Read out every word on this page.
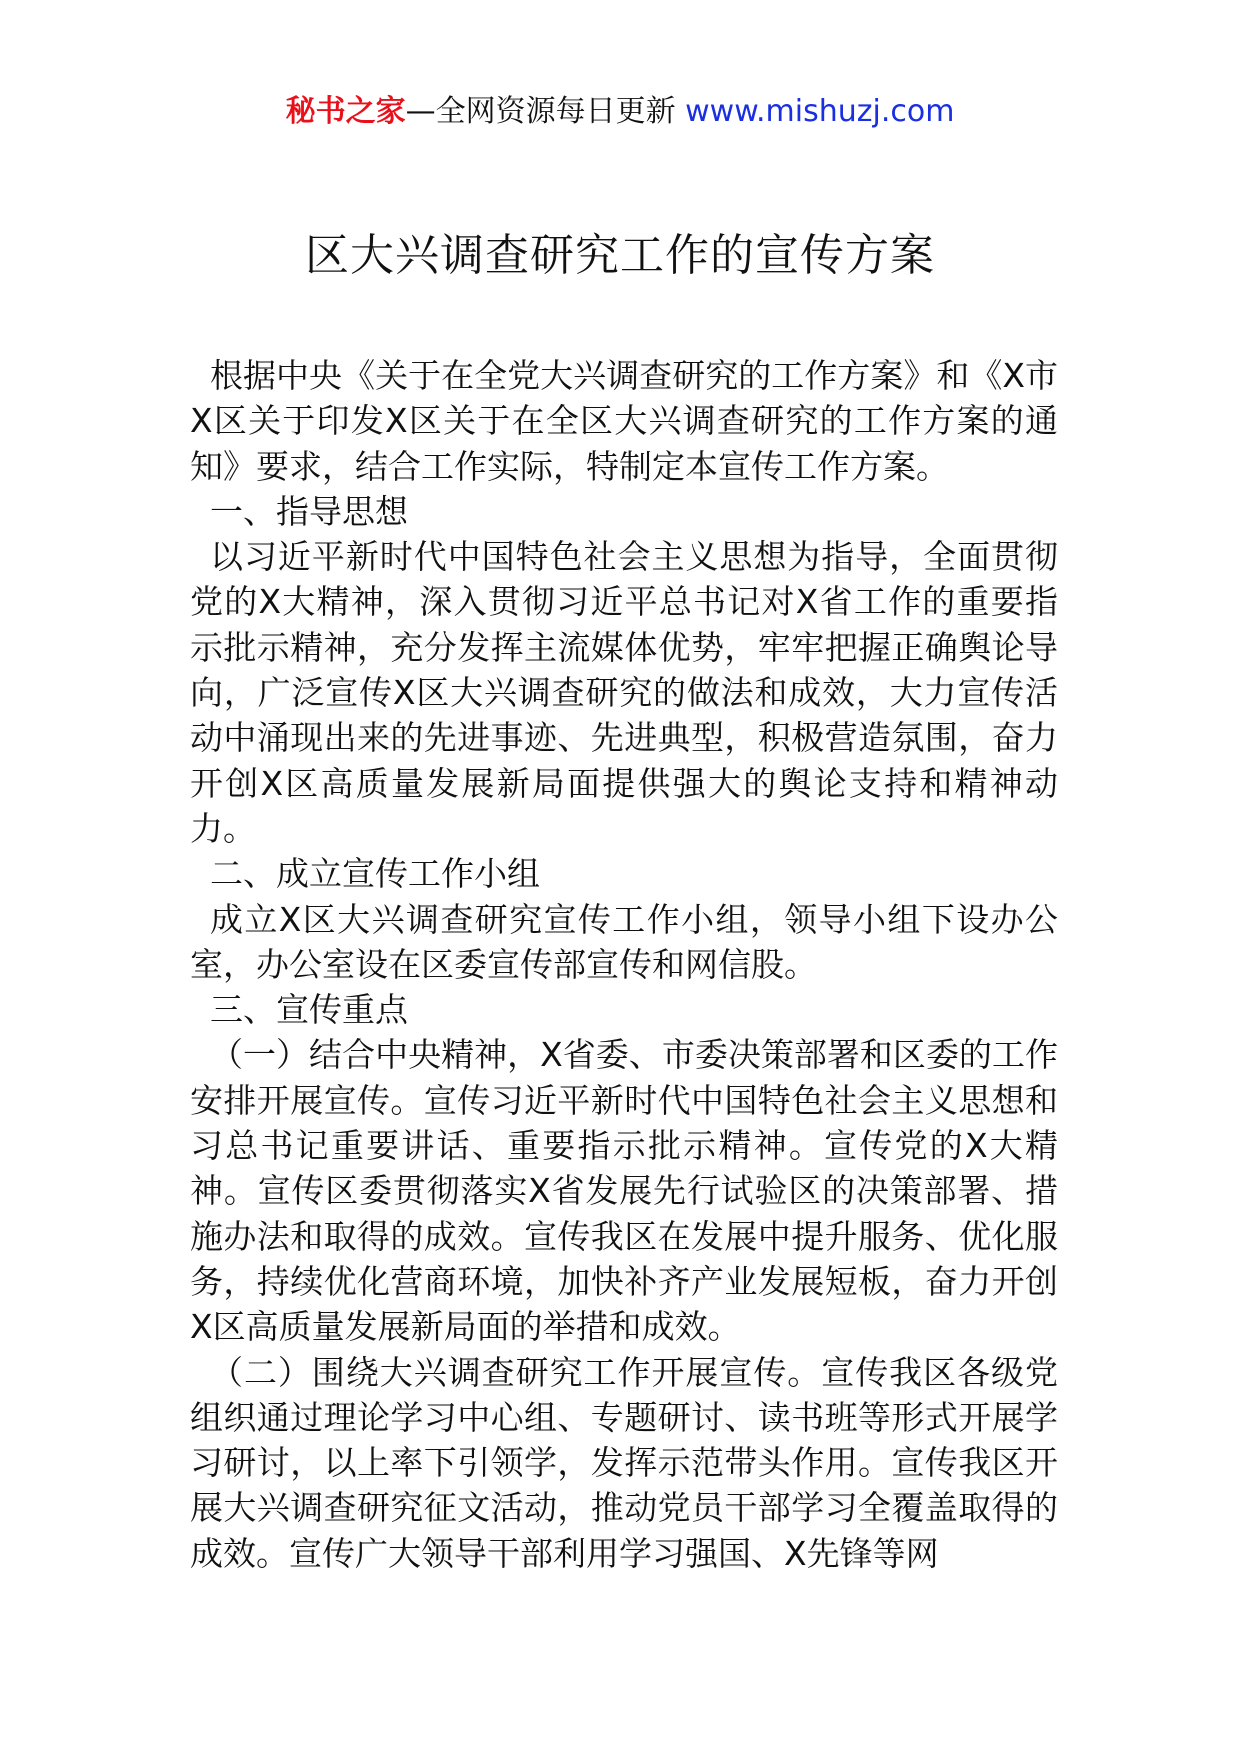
秘书之家—全网资源每日更新 www.mishuzj.com
区大兴调查研究工作的宣传方案

根据中央《关于在全党大兴调查研究的工作方案》和《X市X区关于印发X区关于在全区大兴调查研究的工作方案的通知》要求，结合工作实际，特制定本宣传工作方案。

一、指导思想

以习近平新时代中国特色社会主义思想为指导，全面贯彻党的X大精神，深入贯彻习近平总书记对X省工作的重要指示批示精神，充分发挥主流媒体优势，牢牢把握正确舆论导向，广泛宣传X区大兴调查研究的做法和成效，大力宣传活动中涌现出来的先进事迹、先进典型，积极营造氛围，奋力开创X区高质量发展新局面提供强大的舆论支持和精神动力。

二、成立宣传工作小组

成立X区大兴调查研究宣传工作小组，领导小组下设办公室，办公室设在区委宣传部宣传和网信股。

三、宣传重点

（一）结合中央精神，X省委、市委决策部署和区委的工作安排开展宣传。宣传习近平新时代中国特色社会主义思想和习总书记重要讲话、重要指示批示精神。宣传党的X大精神。宣传区委贯彻落实X省发展先行试验区的决策部署、措施办法和取得的成效。宣传我区在发展中提升服务、优化服务，持续优化营商环境，加快补齐产业发展短板，奋力开创X区高质量发展新局面的举措和成效。

（二）围绕大兴调查研究工作开展宣传。宣传我区各级党组织通过理论学习中心组、专题研讨、读书班等形式开展学习研讨，以上率下引领学，发挥示范带头作用。宣传我区开展大兴调查研究征文活动，推动党员干部学习全覆盖取得的成效。宣传广大领导干部利用学习强国、X先锋等网
